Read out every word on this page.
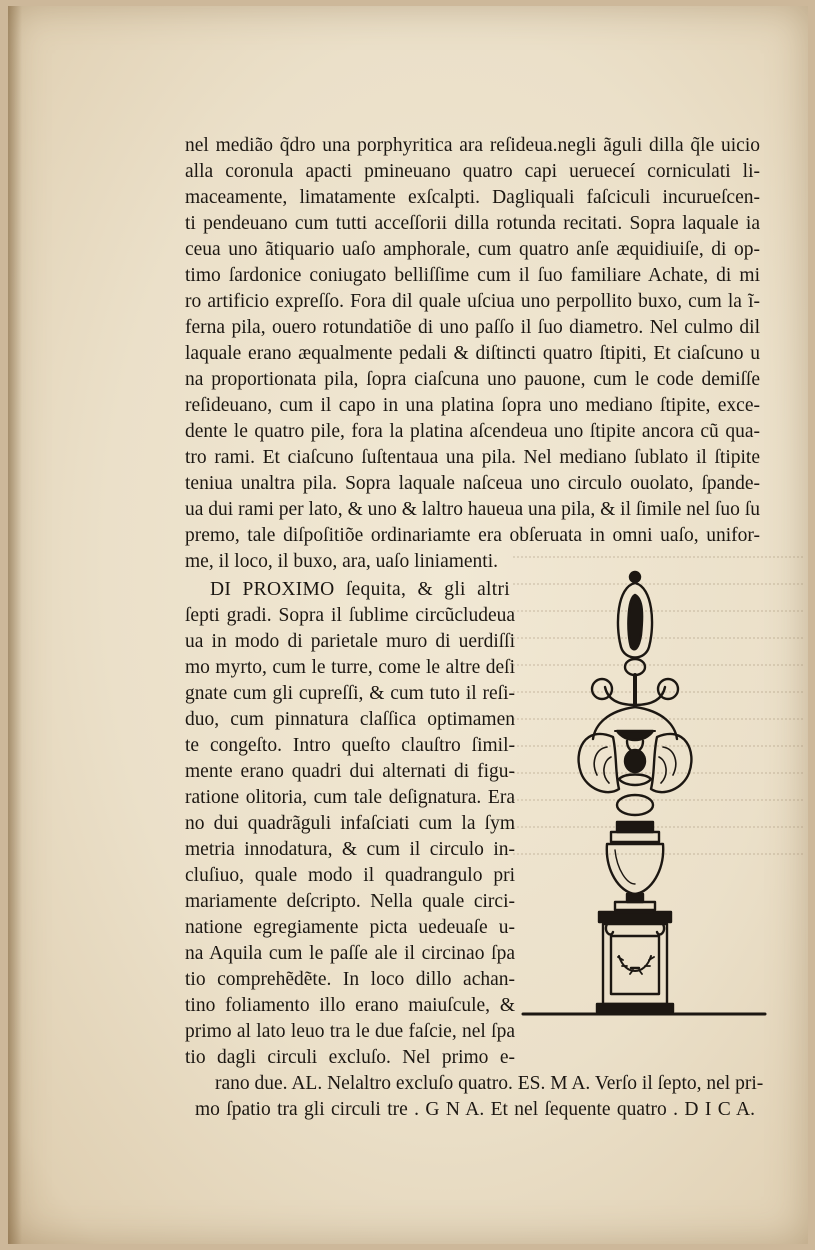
nel medião q̃dro una porphyritica ara reſideua.negli ãguli dilla q̃le uicio
alla coronula apacti pmineuano quatro capi uerueceí corniculati li-
maceamente, limatamente exſcalpti. Dagliquali faſciculi incurueſcen-
ti pendeuano cum tutti acceſſorii dilla rotunda recitati. Sopra laquale ia
ceua uno ãtiquario uaſo amphorale, cum quatro anſe æquidiuiſe, di op-
timo ſardonice coniugato belliſſime cum il ſuo familiare Achate, di mi
ro artificio expreſſo. Fora dil quale uſciua uno perpollito buxo, cum la ĩ-
ferna pila, ouero rotundatiõe di uno paſſo il ſuo diametro. Nel culmo dil
laquale erano æqualmente pedali & diſtincti quatro ſtipiti, Et ciaſcuno u
na proportionata pila, ſopra ciaſcuna uno pauone, cum le code demiſſe
reſideuano, cum il capo in una platina ſopra uno mediano ſtipite, exce-
dente le quatro pile, fora la platina aſcendeua uno ſtipite ancora cũ qua-
tro rami. Et ciaſcuno ſuſtentaua una pila. Nel mediano ſublato il ſtipite
teniua unaltra pila. Sopra laquale naſceua uno circulo ouolato, ſpande-
ua dui rami per lato, & uno & laltro haueua una pila, & il ſimile nel ſuo ſu
premo, tale diſpoſitiõe ordinariamte era obſeruata in omni uaſo, unifor-
me, il loco, il buxo, ara, uaſo liniamenti.
DI PROXIMO ſequita, & gli altri
ſepti gradi. Sopra il ſublime circũcludeua
ua in modo di parietale muro di uerdiſſi
mo myrto, cum le turre, come le altre deſi
gnate cum gli cupreſſi, & cum tuto il reſi-
duo, cum pinnatura claſſica optimamen
te congeſto. Intro queſto clauſtro ſimil-
mente erano quadri dui alternati di figu-
ratione olitoria, cum tale deſignatura. Era
no dui quadrãguli infaſciati cum la ſym
metria innodatura, & cum il circulo in-
cluſiuo, quale modo il quadrangulo pri
mariamente deſcripto. Nella quale circi-
natione egregiamente picta uedeuaſe u-
na Aquila cum le paſſe ale il circinao ſpa
tio comprehẽdẽte. In loco dillo achan-
tino foliamento illo erano maiuſcule, &
primo al lato leuo tra le due faſcie, nel ſpa
tio dagli circuli excluſo. Nel primo e-
rano due. AL. Nelaltro excluſo quatro. ES. M A. Verſo il ſepto, nel pri-
mo ſpatio tra gli circuli tre . G N A. Et nel ſequente quatro . D I C A.
